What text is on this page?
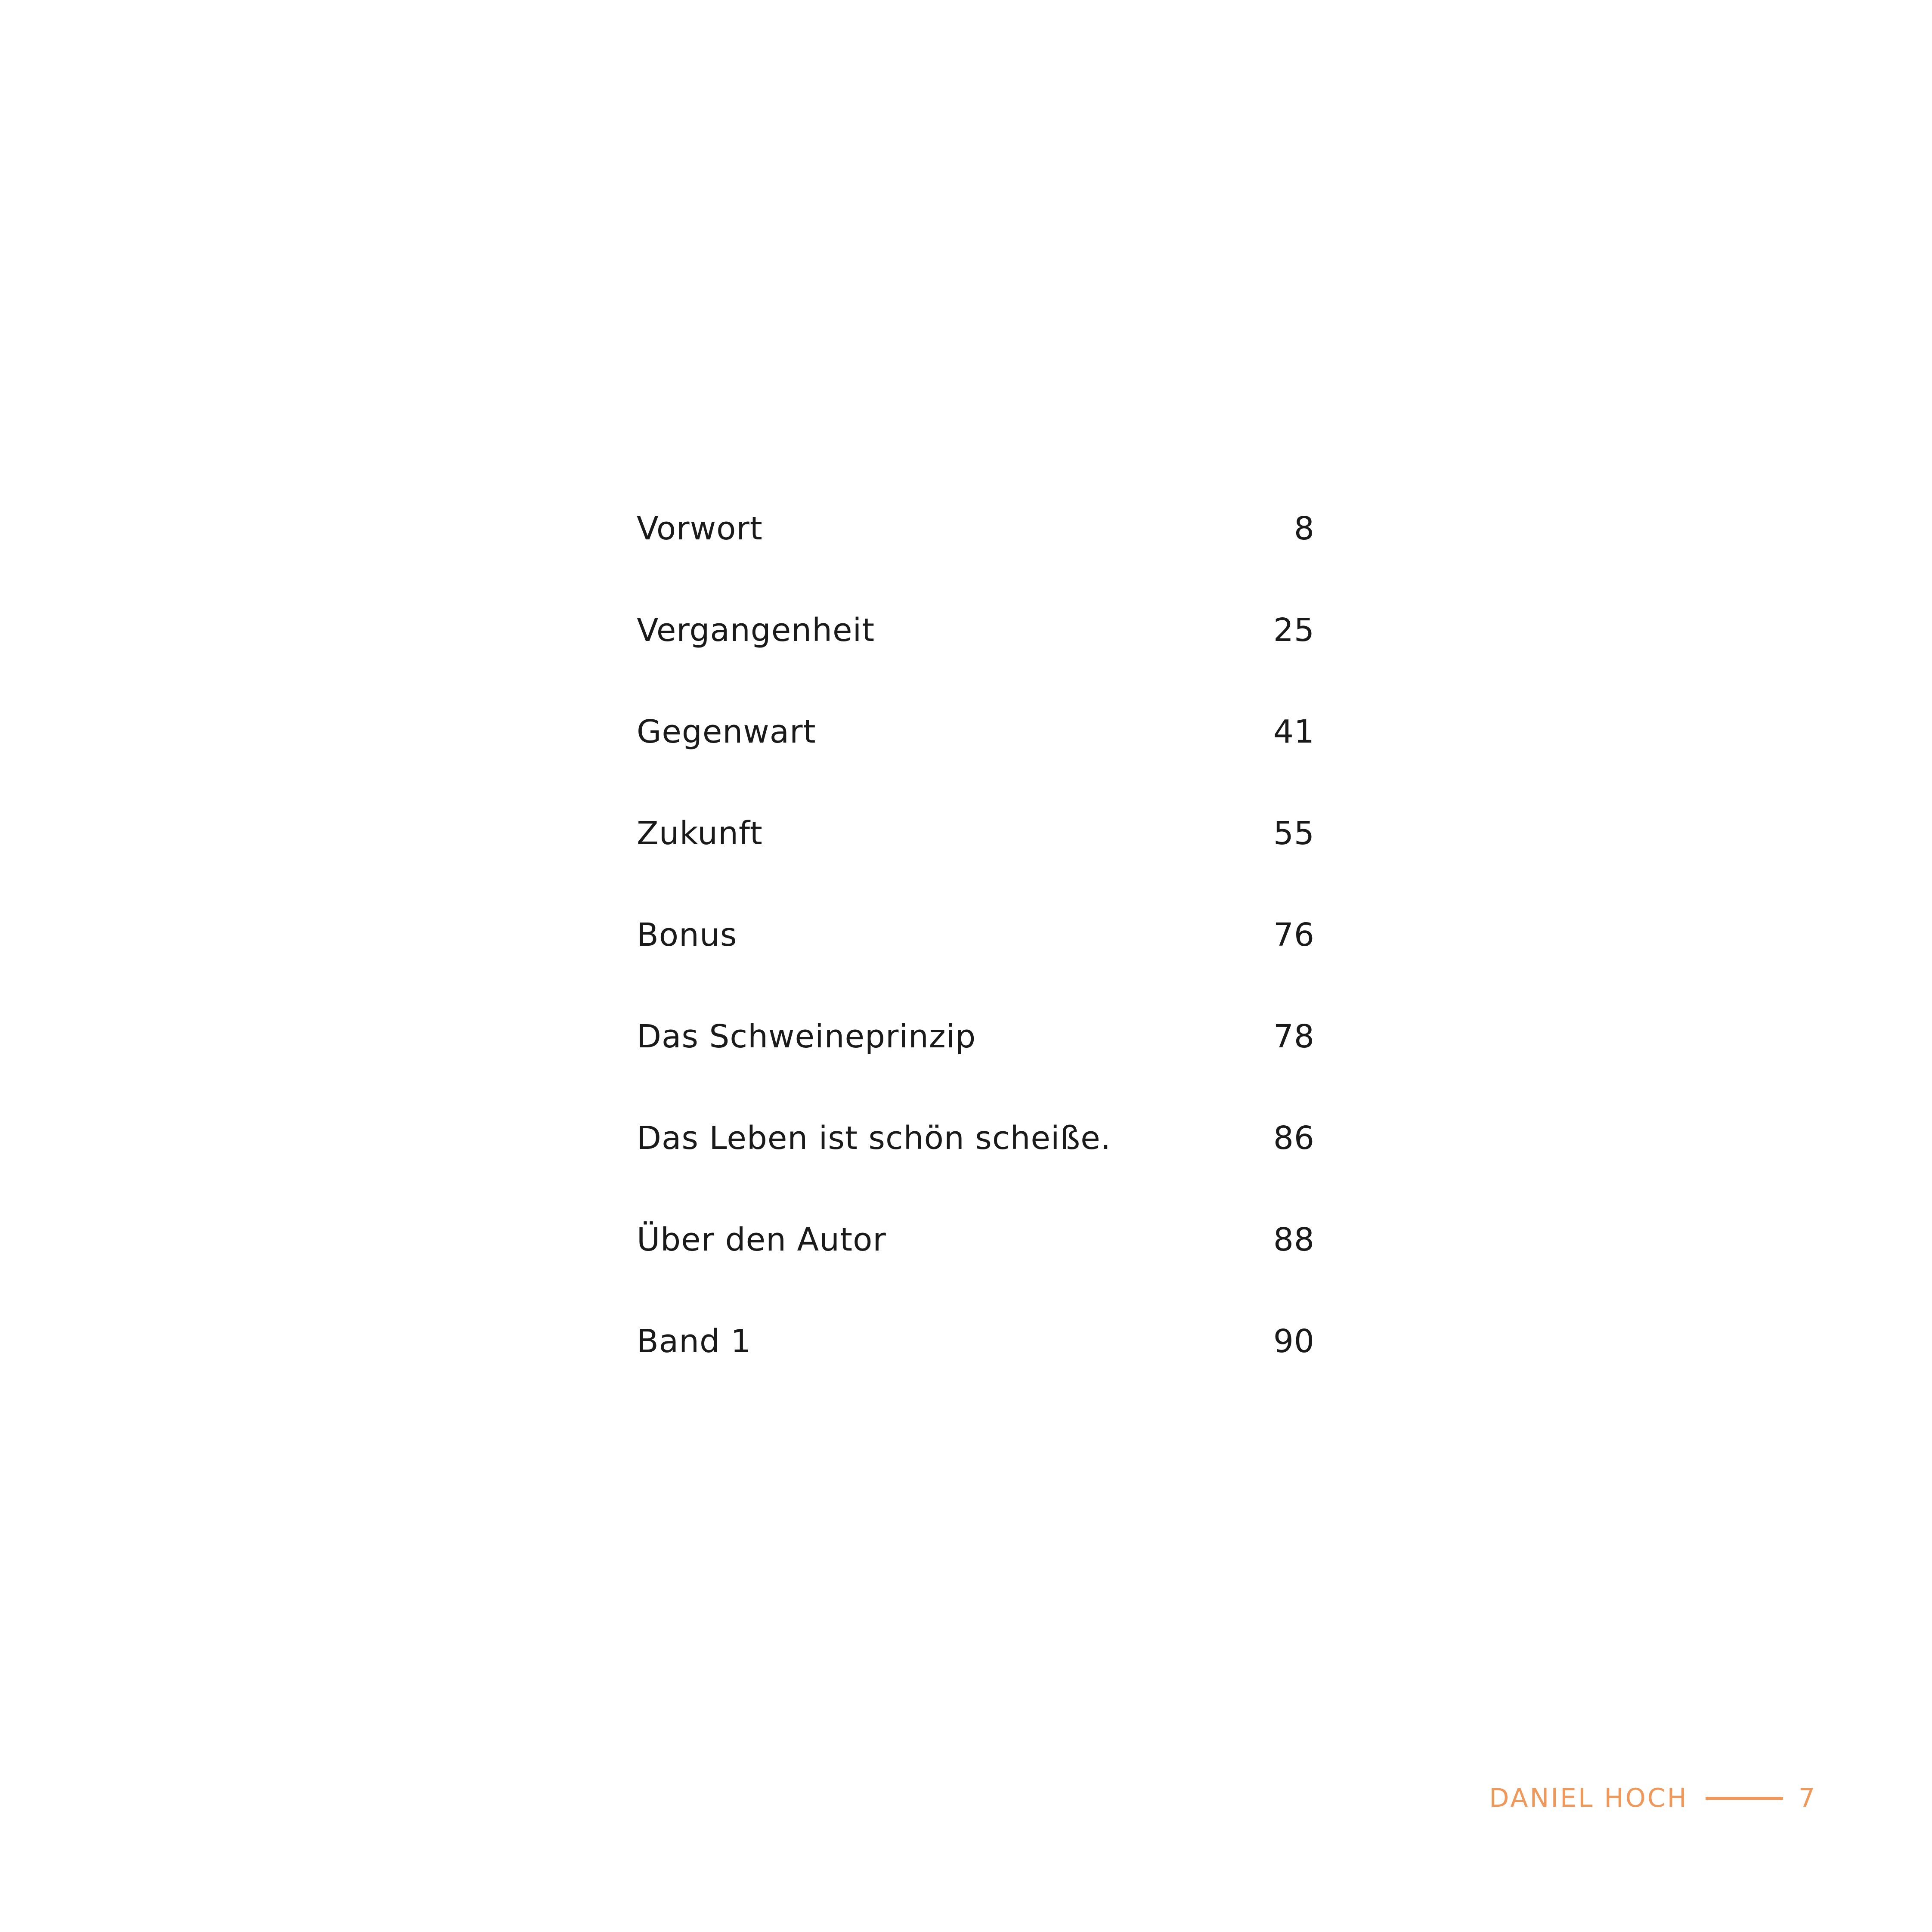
Vorwort	8
Vergangenheit	25
Gegenwart	41
Zukunft	55
Bonus	76
Das Schweineprinzip	78
Das Leben ist schön scheiße.	86
Über den Autor	88
Band 1	90
DANIEL HOCH	7
